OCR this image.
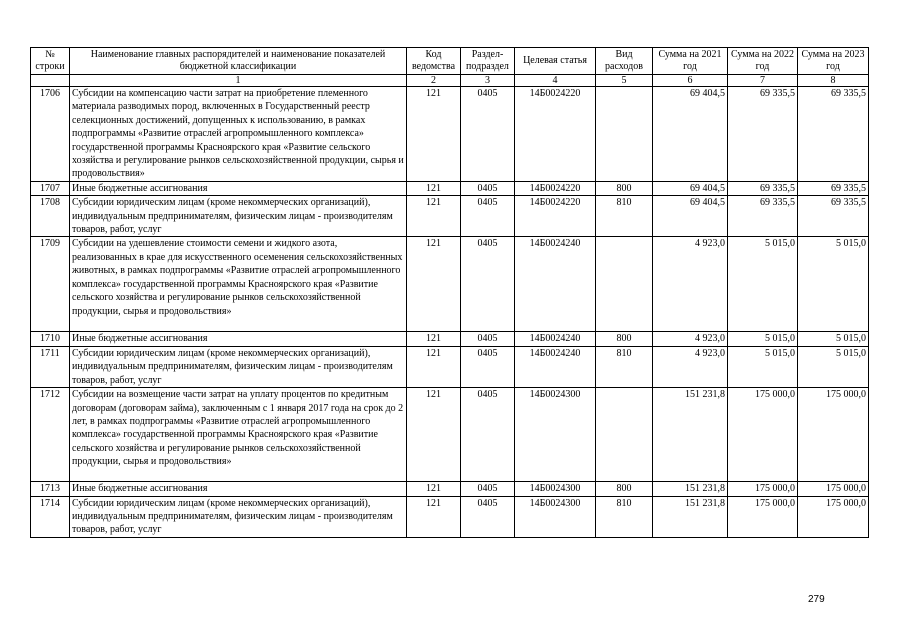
№ строки	Наименование главных распорядителей и наименование показателей бюджетной классификации	Код ведомства	Раздел-подраздел	Целевая статья	Вид расходов	Сумма на 2021 год	Сумма на 2022 год	Сумма на 2023 год
	1	2	3	4	5	6	7	8
1706	Субсидии на компенсацию части затрат на приобретение племенного материала разводимых пород, включенных в Государственный реестр селекционных достижений, допущенных к использованию, в рамках подпрограммы «Развитие отраслей агропромышленного комплекса» государственной программы Красноярского края «Развитие сельского хозяйства и регулирование рынков сельскохозяйственной продукции, сырья и продовольствия»	121	0405	14Б0024220		69 404,5	69 335,5	69 335,5
1707	Иные бюджетные ассигнования	121	0405	14Б0024220	800	69 404,5	69 335,5	69 335,5
1708	Субсидии юридическим лицам (кроме некоммерческих организаций), индивидуальным предпринимателям, физическим лицам - производителям товаров, работ, услуг	121	0405	14Б0024220	810	69 404,5	69 335,5	69 335,5
1709	Субсидии на удешевление стоимости семени и жидкого азота, реализованных в крае для искусственного осеменения сельскохозяйственных животных, в рамках подпрограммы «Развитие отраслей агропромышленного комплекса» государственной программы Красноярского края «Развитие сельского хозяйства и регулирование рынков сельскохозяйственной продукции, сырья и продовольствия»	121	0405	14Б0024240		4 923,0	5 015,0	5 015,0
1710	Иные бюджетные ассигнования	121	0405	14Б0024240	800	4 923,0	5 015,0	5 015,0
1711	Субсидии юридическим лицам (кроме некоммерческих организаций), индивидуальным предпринимателям, физическим лицам - производителям товаров, работ, услуг	121	0405	14Б0024240	810	4 923,0	5 015,0	5 015,0
1712	Субсидии на возмещение части затрат на уплату процентов по кредитным договорам (договорам займа), заключенным с 1 января 2017 года на срок до 2 лет, в рамках подпрограммы «Развитие отраслей агропромышленного комплекса» государственной программы Красноярского края «Развитие сельского хозяйства и регулирование рынков сельскохозяйственной продукции, сырья и продовольствия»	121	0405	14Б0024300		151 231,8	175 000,0	175 000,0
1713	Иные бюджетные ассигнования	121	0405	14Б0024300	800	151 231,8	175 000,0	175 000,0
1714	Субсидии юридическим лицам (кроме некоммерческих организаций), индивидуальным предпринимателям, физическим лицам - производителям товаров, работ, услуг	121	0405	14Б0024300	810	151 231,8	175 000,0	175 000,0
279
